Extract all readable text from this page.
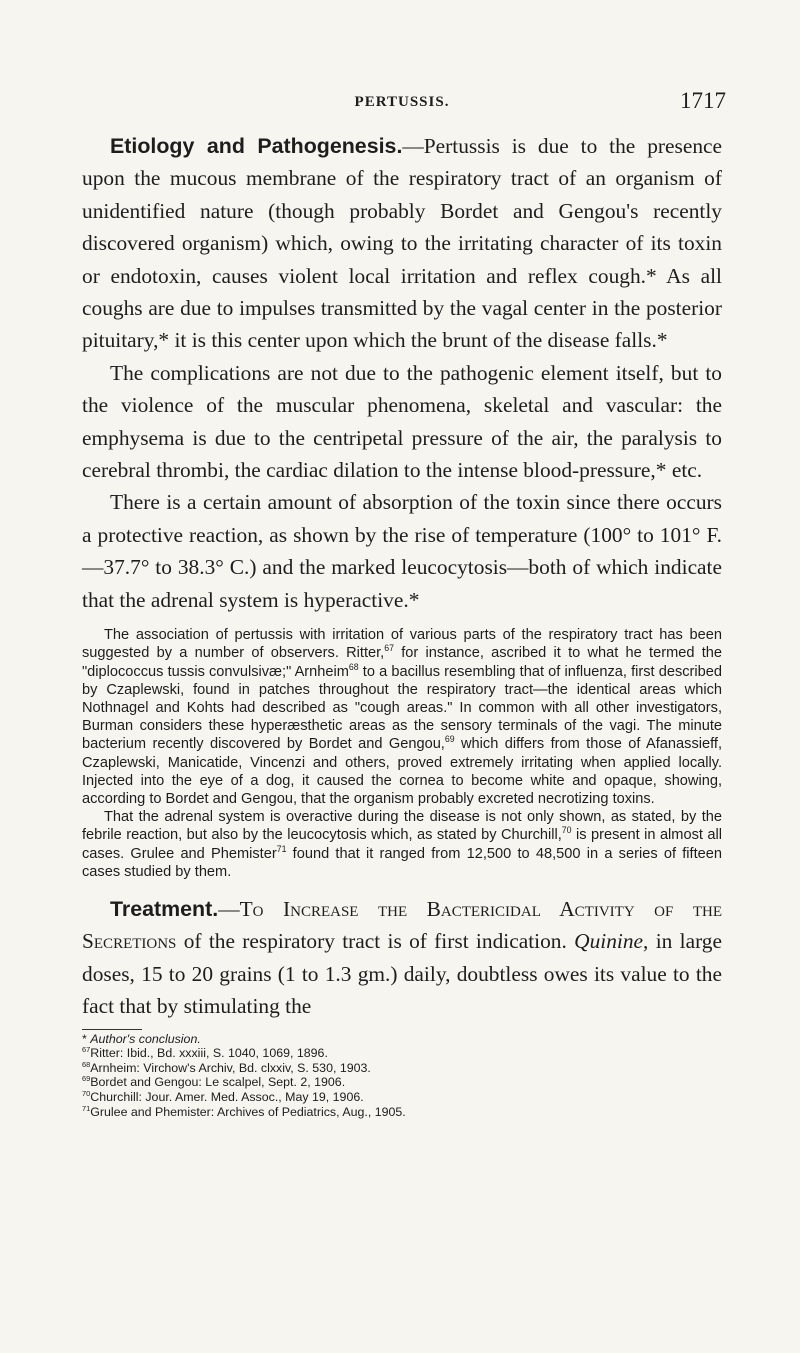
PERTUSSIS.	1717

Etiology and Pathogenesis.—Pertussis is due to the presence upon the mucous membrane of the respiratory tract of an organism of unidentified nature (though probably Bordet and Gengou's recently discovered organism) which, owing to the irritating character of its toxin or endotoxin, causes violent local irritation and reflex cough.* As all coughs are due to impulses transmitted by the vagal center in the posterior pituitary,* it is this center upon which the brunt of the disease falls.*

The complications are not due to the pathogenic element itself, but to the violence of the muscular phenomena, skeletal and vascular: the emphysema is due to the centripetal pressure of the air, the paralysis to cerebral thrombi, the cardiac dilation to the intense blood-pressure,* etc.

There is a certain amount of absorption of the toxin since there occurs a protective reaction, as shown by the rise of temperature (100° to 101° F.—37.7° to 38.3° C.) and the marked leucocytosis—both of which indicate that the adrenal system is hyperactive.*

The association of pertussis with irritation of various parts of the respiratory tract has been suggested by a number of observers. Ritter,$^{67}$ for instance, ascribed it to what he termed the "diplococcus tussis convulsivæ;" Arnheim$^{68}$ to a bacillus resembling that of influenza, first described by Czaplewski, found in patches throughout the respiratory tract—the identical areas which Nothnagel and Kohts had described as "cough areas." In common with all other investigators, Burman considers these hyperæsthetic areas as the sensory terminals of the vagi. The minute bacterium recently discovered by Bordet and Gengou,$^{69}$ which differs from those of Afanassieff, Czaplewski, Manicatide, Vincenzi and others, proved extremely irritating when applied locally. Injected into the eye of a dog, it caused the cornea to become white and opaque, showing, according to Bordet and Gengou, that the organism probably excreted necrotizing toxins.

That the adrenal system is overactive during the disease is not only shown, as stated, by the febrile reaction, but also by the leucocytosis which, as stated by Churchill,$^{70}$ is present in almost all cases. Grulee and Phemister$^{71}$ found that it ranged from 12,500 to 48,500 in a series of fifteen cases studied by them.

Treatment.—To Increase the Bactericidal Activity of the Secretions of the respiratory tract is of first indication. Quinine, in large doses, 15 to 20 grains (1 to 1.3 gm.) daily, doubtless owes its value to the fact that by stimulating the

* Author's conclusion.
$^{67}$Ritter: Ibid., Bd. xxxiii, S. 1040, 1069, 1896.
$^{68}$Arnheim: Virchow's Archiv, Bd. clxxiv, S. 530, 1903.
$^{69}$Bordet and Gengou: Le scalpel, Sept. 2, 1906.
$^{70}$Churchill: Jour. Amer. Med. Assoc., May 19, 1906.
$^{71}$Grulee and Phemister: Archives of Pediatrics, Aug., 1905.
